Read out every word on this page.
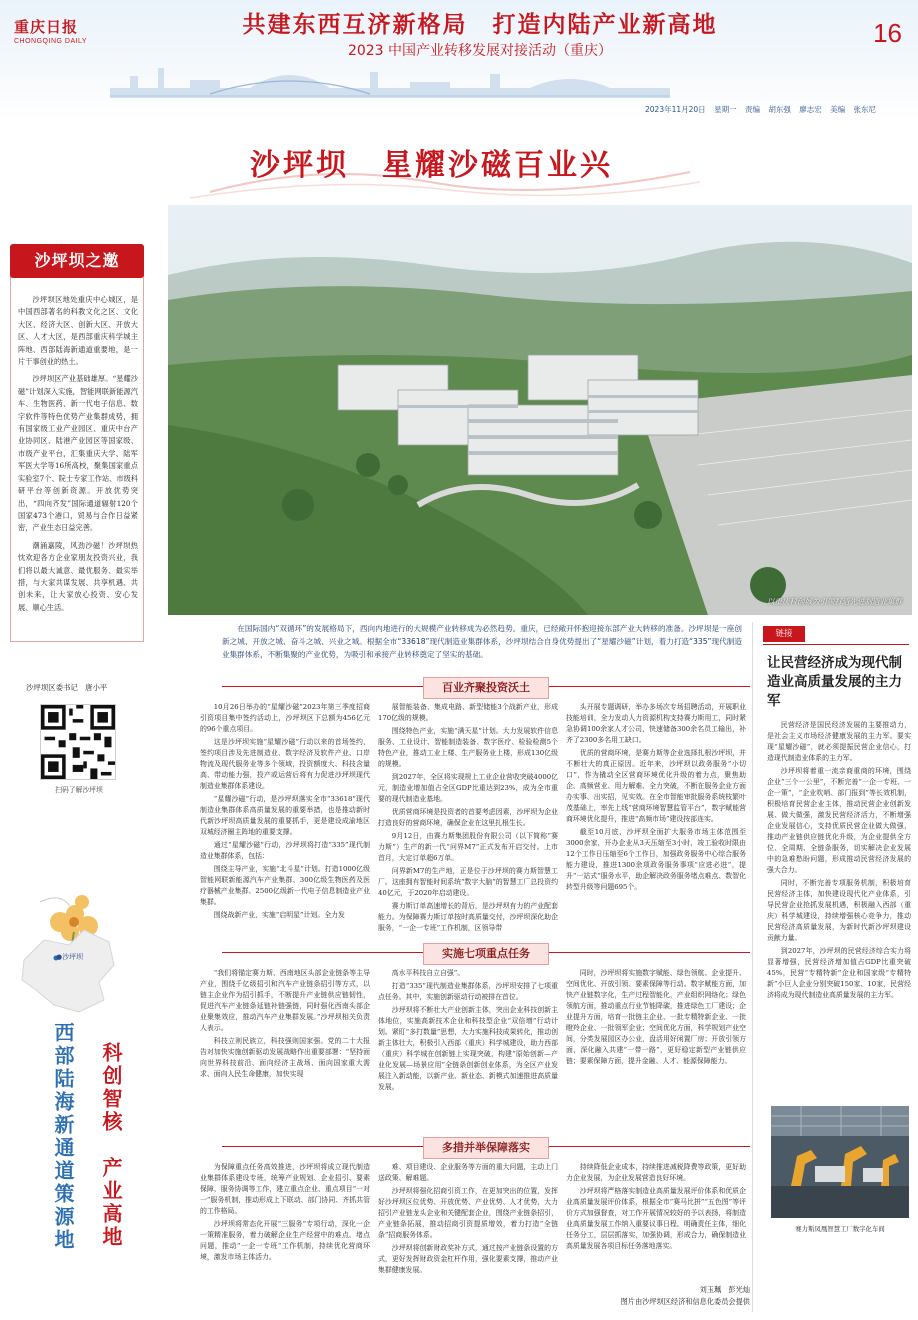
重庆日报
CHONGQING DAILY
共建东西互济新格局　打造内陆产业新高地
2023 中国产业转移发展对接活动（重庆）
16
2023年11月20日 星期一 责编 胡东强 廖志宏 美编 张东尼
沙坪坝　星耀沙磁百业兴
沙坪坝之邀

沙坪坝区地处重庆中心城区，是中国西部著名的科教文化之区、文化大区、经济大区、创新大区、开放大区、人才大区，是西部重庆科学城主阵地、西部陆海新通道重要地，是一片干事创业的热土。

沙坪坝区产业基础雄厚。“星耀沙磁”计划深入实施，智能网联新能源汽车、生物医药、新一代电子信息、数字软件等特色优势产业集群成势，拥有国家级工业产业园区、重庆中台产业协同区、陆港产业园区等国家级、市级产业平台，汇集重庆大学、陆军军医大学等16所高校，聚集国家重点实验室7个、院士专家工作站、市级科研平台等创新资源。开放优势突出，“四向齐发”国际通道辐射120个国家473个港口，贸易与合作日益紧密，产业生态日益完善。

潮涌嘉陵，风劲沙磁！沙坪坝热忱欢迎各方企业家朋友投资兴业，我们将以最大诚意、最优服务、最实举措，与大家共谋发展、共享机遇、共创未来，让大家放心投资、安心发展、顺心生活。

沙坪坝区委书记　唐小平
扫码了解沙坪坝
●沙坪坝
西部陆海新通道策源地	科创智核　产业高地
以重庆科创城为引领打造先进制造业集群
在国际国内“双循环”的发展格局下，西向内地进行的大规模产业转移成为必然趋势。重庆，已经敞开怀抱迎接东部产业大转移的准备。沙坪坝是一座创新之城、开放之城、奋斗之城、兴业之城。根据全市“33618”现代制造业集群体系，沙坪坝结合自身优势提出了“星耀沙磁”计划，着力打造“335”现代制造业集群体系，不断集聚的产业优势，为吸引和承接产业转移奠定了坚实的基础。
百业齐聚投资沃土

10月26日举办的“星耀沙磁”2023年第三季度招商引资项目集中签约活动上，沙坪坝区下总额为456亿元的96个重点项目。

这是沙坪坝实施“星耀沙磁”行动以来的首场签约，签约项目涉及先进制造业、数字经济及软件产业、口岸物流及现代服务业等多个领域，投资额度大、科技含量高、带动能力强，投产或运营后将有力促进沙坪坝现代制造业集群体系建设。

“星耀沙磁”行动，是沙坪坝落实全市“33618”现代制造业集群体系高质量发展的重要举措，也是推动新时代新沙坪坝高质量发展的重要抓手，更是建设成渝地区双城经济圈主阵地的重要支撑。

通过“星耀沙磁”行动，沙坪坝将打造“335”现代制造业集群体系，包括：

围绕主导产业，实施“北斗星”计划。打造1000亿级智能网联新能源汽车产业集群、300亿级生物医药及医疗器械产业集群、2500亿级新一代电子信息制造业产业集群。

围绕战新产业，实施“启明星”计划。全力发

展智能装备、集成电路、新型储能3个战新产业，形成170亿级的规模。

围绕特色产业，实施“满天星”计划。大力发展软件信息服务、工业设计、智能制造装备、数字医疗、检验检测5个特色产业，推动工业上楼、生产服务业上楼，形成130亿级的规模。

到2027年，全区将实现规上工业企业营收突破4000亿元，制造业增加值占全区GDP比重达到23%，成为全市重要的现代制造业基地。

优质营商环境是投资者的首要考虑因素，沙坪坝为企业打造良好的营商环境，确保企业在这里扎根生长。

9月12日，由赛力斯集团股份有限公司（以下简称“赛力斯”）生产的新一代“问界M7”正式发布开启交付。上市首月，大定订单超6万单。

问界新M7的生产地，正是位于沙坪坝的赛力斯智慧工厂。这座拥有智能时间系统“数字大脑”的智慧工厂总投资约40亿元，于2020年启动建设。

赛力斯订单高速增长的背后，是沙坪坝有力的产业配套能力。为保障赛力斯订单按时高质量交付，沙坪坝深化助企服务，“一企一专班”工作机制，区领导带

头开展专题调研，举办多场次专场招聘活动，开展职业技能培训，全力发动人力资源机构支持赛力斯用工，同时紧急协调100余家人才公司，快速储备300余名员工输出，补齐了2300多名用工缺口。

优质的营商环境，是赛力斯等企业选择扎根沙坪坝，并不断壮大的真正原因。近年来，沙坪坝以政务服务“小切口”，作为撬动全区营商环境优化升级的着力点，聚焦助企、高频营业、用力解难、全力突破，不断在服务企业方面办实事、出实招，见实效。在全市智能审批服务系统枝繁叶茂基础上，率先上线“营商环境智慧监管平台”，数字赋能营商环境优化提升，推进“高频市场”建设按部连实。

截至10月底，沙坪坝全面扩大服务市场主体范围至3000余家，开办企业从3天压缩至3小时，竣工验收时限由12个工作日压缩至6个工作日，加强政务服务中心综合服务能力建设，推进1300余项政务服务事项“应进必进”，提升“一站式”服务水平，助企解决政务服务堵点难点、数智化转型升级等问题695个。

实施七项重点任务

“我们将锚定赛力斯、西南地区头部企业链条等主导产业，围绕千亿级招引和汽车产业链条招引等方式，以链主企业作为招引抓手，不断提升产业链供应链韧性，促进汽车产业链条延链补链强链，同时强化西南头部企业聚集效应，推动汽车产业集群发展。”沙坪坝相关负责人表示。

科技立则民族立，科技强则国家强。党的二十大报告对加快实施创新驱动发展战略作出重要部署：“坚持面向世界科技前沿、面向经济主战场、面向国家重大需求、面向人民生命健康，加快实现

高水平科技自立自强”。

打造“335”现代制造业集群体系，沙坪坝安排了七项重点任务。其中，实施创新驱动行动被排在首位。

沙坪坝将不断壮大产业创新主体，突出企业科技创新主体地位，实施高新技术企业和科技型企业“双倍增”行动计划。紧盯“多打数量”思想，大力实施科技成果转化，推动创新主体壮大，积极引入西部（重庆）科学城建设，助力西部（重庆）科学城在创新链上实现突破，构建“原始创新—产业化发展—场景应用”全链条创新创业体系，为全区产业发展注入新动能，以新产业、新业态、新模式加速推进高质量发展。

同时，沙坪坝将实施数字赋能、绿色领航、企业提升、空间优化、开放引领、要素保障等行动。数字赋能方面，加快产业链数字化，生产过程智能化，产业组织网络化；绿色领航方面，推动重点行业节能降碳，推进绿色工厂建设；企业提升方面，培育一批链主企业、一批专精特新企业、一批瞪羚企业、一批领军企业；空间优化方面，科学规划产业空间，分类发展园区办公业，盘活用好闲置厂房；开放引领方面，深化融入共建“一带一路”，更好稳定新型产业链供应链；要素保障方面，提升金融、人才、能源保障能力。

多措并举保障落实

为保障重点任务高效推进，沙坪坝将成立现代制造业集群体系建设专班，统筹产业规划、企业招引、要素保障、服务协调等工作，建立重点企业、重点项目“一对一”服务机制，推动形成上下联动、部门协同、齐抓共管的工作格局。

沙坪坝将常态化开展“三服务”专项行动，深化一企一策精准服务，着力破解企业生产经营中的难点、堵点问题，推动“一企一专班”工作机制，持续优化营商环境，激发市场主体活力。

难、项目建设、企业服务等方面的重大问题，主动上门送政策、解难题。

沙坪坝将强化招商引资工作，在更加突出的位置，发挥好沙坪坝区位优势、开放优势、产业优势、人才优势，大力招引产业链龙头企业和关键配套企业，围绕产业链条招引，产业链条拓展，推动招商引资提质增效，着力打造“全链条”招商服务体系。

沙坪坝将创新财政奖补方式，通过按产业链条设置的方式，更好发挥财政资金杠杆作用，强化要素支撑，推动产业集群健康发展。

持续降低企业成本，持续推进减税降费等政策，更好助力企业发展，为企业发展营造良好环境。

沙坪坝将严格落实制造业高质量发展评价体系和优质企业高质量发展评价体系，根据全市“赛马比拼”“五色图”等评价方式加强督查，对工作开展情况较好的予以表扬，将制造业高质量发展工作纳入重要议事日程，明确责任主体，细化任务分工，层层抓落实，加强协调，形成合力，确保制造业高质量发展各项目标任务落地落实。

刘玉珮　彭光灿
图片由沙坪坝区经济和信息化委员会提供
链接
让民营经济成为现代制造业高质量发展的主力军

民营经济是国民经济发展的主要推动力，是社会主义市场经济健康发展的主力军。要实现“星耀沙磁”，就必须提振民营企业信心，打造现代制造业体系的主力军。

沙坪坝将着重一流亲商重商的环境，围绕企业“三个一公里”，不断完善“一企一专班、一企一策”，“企业吹哨、部门报到”等长效机制，积极培育民营企业主体，推动民营企业创新发展、做大做强，激发民营经济活力，不断增强企业发展信心，支持优质民营企业做大做强，推动产业链供应链优化升级，为企业提供全方位、全周期、全链条服务，切实解决企业发展中的急难愁盼问题，形成推动民营经济发展的强大合力。

同时，不断完善专项服务机制，积极培育民营经济主体，加快建设现代化产业体系，引导民营企业抢抓发展机遇，积极融入西部（重庆）科学城建设，持续增强核心竞争力，推动民营经济高质量发展，为新时代新沙坪坝建设贡献力量。

到2027年，沙坪坝的民营经济综合实力将显著增强，民营经济增加值占GDP比重突破45%，民营“专精特新”企业和国家级“专精特新”小巨人企业分别突破150家、10家，民营经济将成为现代制造业高质量发展的主力军。

赛力斯凤凰智慧工厂数字化车间
